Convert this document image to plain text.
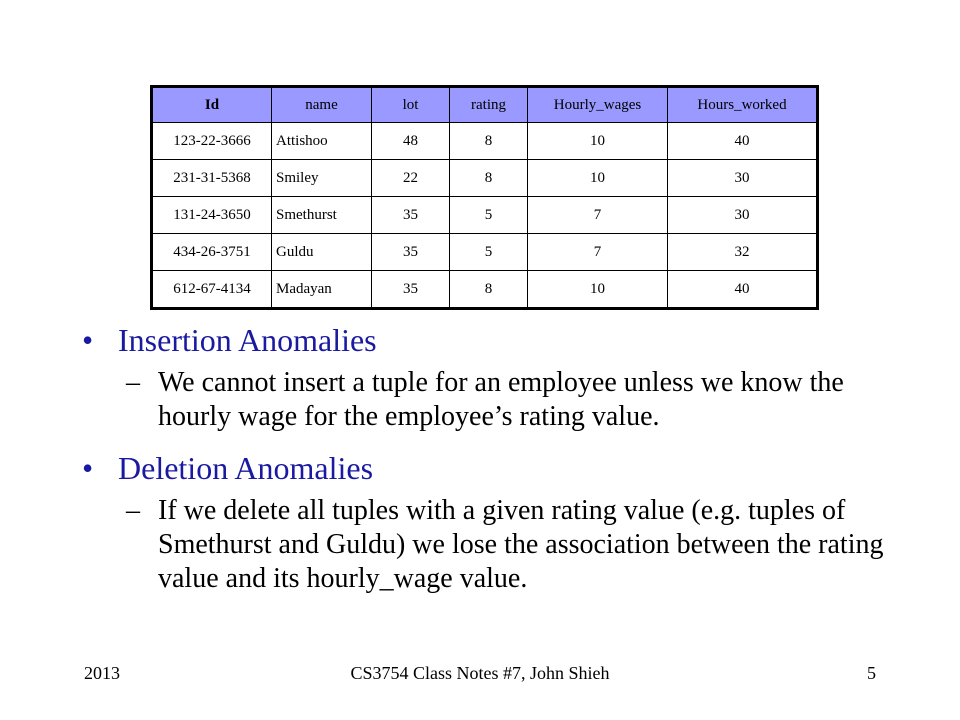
Id	name	lot	rating	Hourly_wages	Hours_worked
123-22-3666	Attishoo	48	8	10	40
231-31-5368	Smiley	22	8	10	30
131-24-3650	Smethurst	35	5	7	30
434-26-3751	Guldu	35	5	7	32
612-67-4134	Madayan	35	8	10	40
• Insertion Anomalies
– We cannot insert a tuple for an employee unless we know the hourly wage for the employee’s rating value.
• Deletion Anomalies
– If we delete all tuples with a given rating value (e.g. tuples of Smethurst and Guldu) we lose the association between the rating value and its hourly_wage value.
CS3754 Class Notes #7, John Shieh
2013	5
